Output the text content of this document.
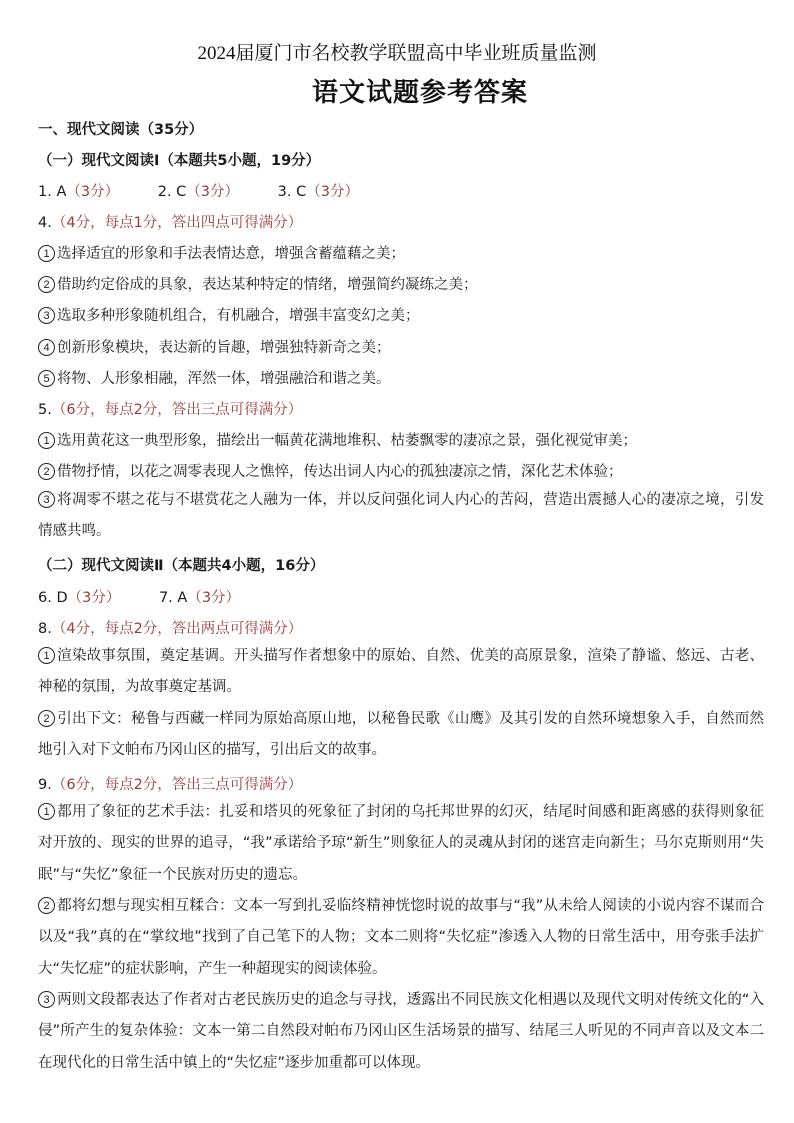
2024届厦门市名校教学联盟高中毕业班质量监测
语文试题参考答案
一、现代文阅读（35分）
（一）现代文阅读Ⅰ（本题共5小题，19分）
1. A（3分）	2. C（3分）	3. C（3分）
4.（4分，每点1分，答出四点可得满分）
1 选择适宜的形象和手法表情达意，增强含蓄蕴藉之美；
2 借助约定俗成的具象，表达某种特定的情绪，增强简约凝练之美；
3 选取多种形象随机组合，有机融合，增强丰富变幻之美；
4 创新形象模块，表达新的旨趣，增强独特新奇之美；
5 将物、人形象相融，浑然一体，增强融洽和谐之美。
5.（6分，每点2分，答出三点可得满分）
1 选用黄花这一典型形象，描绘出一幅黄花满地堆积、枯萎飘零的凄凉之景，强化视觉审美；
2 借物抒情，以花之凋零表现人之憔悴，传达出词人内心的孤独凄凉之情，深化艺术体验；
3 将凋零不堪之花与不堪赏花之人融为一体，并以反问强化词人内心的苦闷，营造出震撼人心的凄凉之境，引发情感共鸣。
（二）现代文阅读Ⅱ（本题共4小题，16分）
6. D（3分）	7. A（3分）
8.（4分，每点2分，答出两点可得满分）
1 渲染故事氛围，奠定基调。开头描写作者想象中的原始、自然、优美的高原景象，渲染了静谧、悠远、古老、神秘的氛围，为故事奠定基调。
2 引出下文：秘鲁与西藏一样同为原始高原山地，以秘鲁民歌《山鹰》及其引发的自然环境想象入手，自然而然地引入对下文帕布乃冈山区的描写，引出后文的故事。
9.（6分，每点2分，答出三点可得满分）
1 都用了象征的艺术手法：扎妥和塔贝的死象征了封闭的乌托邦世界的幻灭，结尾时间感和距离感的获得则象征对开放的、现实的世界的追寻，“我”承诺给予琼“新生”则象征人的灵魂从封闭的迷宫走向新生；马尔克斯则用“失眠”与“失忆”象征一个民族对历史的遗忘。
2 都将幻想与现实相互糅合：文本一写到扎妥临终精神恍惚时说的故事与“我”从未给人阅读的小说内容不谋而合以及“我”真的在“掌纹地”找到了自己笔下的人物；文本二则将“失忆症”渗透入人物的日常生活中，用夸张手法扩大“失忆症”的症状影响，产生一种超现实的阅读体验。
3 两则文段都表达了作者对古老民族历史的追念与寻找，透露出不同民族文化相遇以及现代文明对传统文化的“入侵”所产生的复杂体验：文本一第二自然段对帕布乃冈山区生活场景的描写、结尾三人听见的不同声音以及文本二在现代化的日常生活中镇上的“失忆症”逐步加重都可以体现。
